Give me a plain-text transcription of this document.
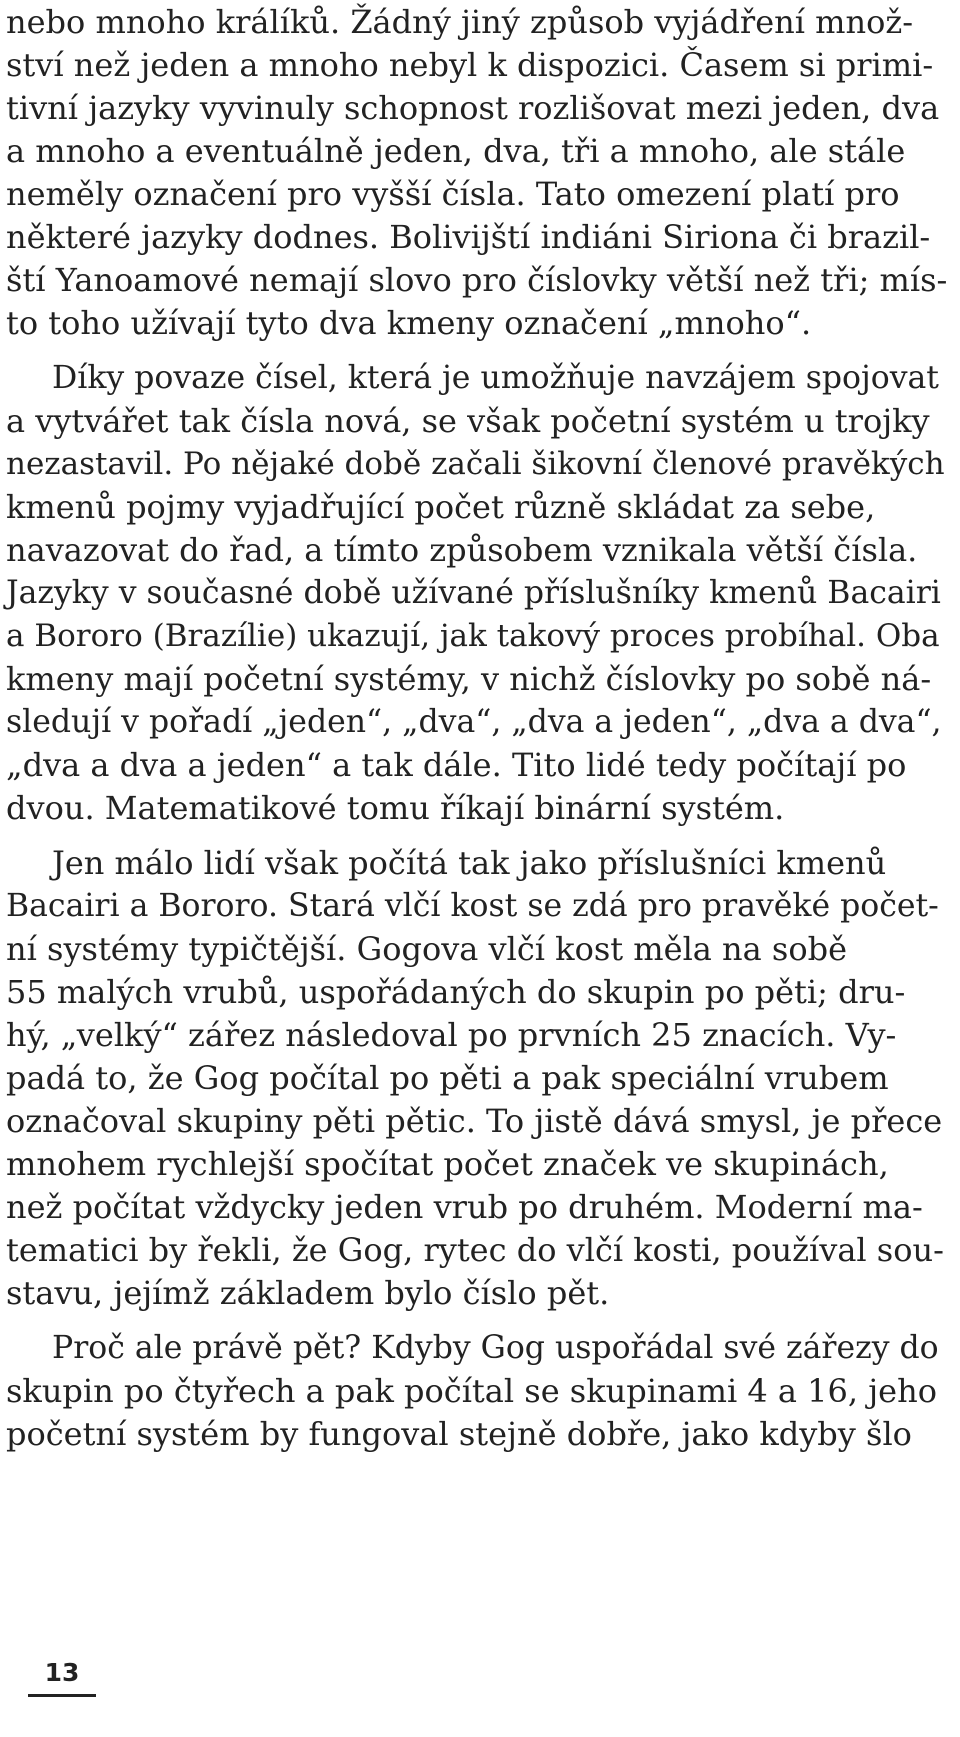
nebo mnoho králíků. Žádný jiný způsob vyjádření množ-
ství než jeden a mnoho nebyl k dispozici. Časem si primi-
tivní jazyky vyvinuly schopnost rozlišovat mezi jeden, dva
a mnoho a eventuálně jeden, dva, tři a mnoho, ale stále
neměly označení pro vyšší čísla. Tato omezení platí pro
některé jazyky dodnes. Bolivijští indiáni Siriona či brazil-
ští Yanoamové nemají slovo pro číslovky větší než tři; mís-
to toho užívají tyto dva kmeny označení „mnoho“.
Díky povaze čísel, která je umožňuje navzájem spojovat
a vytvářet tak čísla nová, se však početní systém u trojky
nezastavil. Po nějaké době začali šikovní členové pravěkých
kmenů pojmy vyjadřující počet různě skládat za sebe,
navazovat do řad, a tímto způsobem vznikala větší čísla.
Jazyky v současné době užívané příslušníky kmenů Bacairi
a Bororo (Brazílie) ukazují, jak takový proces probíhal. Oba
kmeny mají početní systémy, v nichž číslovky po sobě ná-
sledují v pořadí „jeden“, „dva“, „dva a jeden“, „dva a dva“,
„dva a dva a jeden“ a tak dále. Tito lidé tedy počítají po
dvou. Matematikové tomu říkají binární systém.
Jen málo lidí však počítá tak jako příslušníci kmenů
Bacairi a Bororo. Stará vlčí kost se zdá pro pravěké počet-
ní systémy typičtější. Gogova vlčí kost měla na sobě
55 malých vrubů, uspořádaných do skupin po pěti; dru-
hý, „velký“ zářez následoval po prvních 25 znacích. Vy-
padá to, že Gog počítal po pěti a pak speciální vrubem
označoval skupiny pěti pětic. To jistě dává smysl, je přece
mnohem rychlejší spočítat počet značek ve skupinách,
než počítat vždycky jeden vrub po druhém. Moderní ma-
tematici by řekli, že Gog, rytec do vlčí kosti, používal sou-
stavu, jejímž základem bylo číslo pět.
Proč ale právě pět? Kdyby Gog uspořádal své zářezy do
skupin po čtyřech a pak počítal se skupinami 4 a 16, jeho
početní systém by fungoval stejně dobře, jako kdyby šlo
13
